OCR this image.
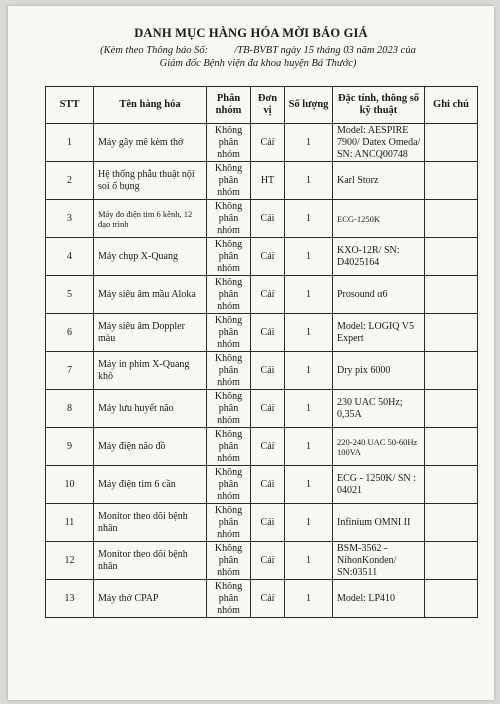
DANH MỤC HÀNG HÓA MỜI BÁO GIÁ
(Kèm theo Thông báo Số:          /TB-BVBT ngày 15 tháng 03 năm 2023 của
Giám đốc Bệnh viện đa khoa huyện Bá Thước)
STT	Tên hàng hóa	Phân nhóm	Đơn vị	Số lượng	Đặc tính, thông số kỹ thuật	Ghi chú
1	Máy gây mê kèm thở	Không phân nhóm	Cái	1	Model: AESPIRE 7900/ Datex Omeda/ SN: ANCQ00748	
2	Hệ thống phẫu thuật nội soi ổ bụng	Không phân nhóm	HT	1	Karl Storz	
3	Máy đo điện tim 6 kênh, 12 đạo trình	Không phân nhóm	Cái	1	ECG-1250K	
4	Máy chụp X-Quang	Không phân nhóm	Cái	1	KXO-12R/ SN: D4025164	
5	Máy siêu âm mầu Aloka	Không phân nhóm	Cái	1	Prosound α6	
6	Máy siêu âm Doppler màu	Không phân nhóm	Cái	1	Model: LOGIQ V5 Expert	
7	Máy in phim X-Quang khô	Không phân nhóm	Cái	1	Dry pix 6000	
8	Máy lưu huyết não	Không phân nhóm	Cái	1	230 UAC 50Hz; 0,35A	
9	Máy điện não đồ	Không phân nhóm	Cái	1	220-240 UAC 50-60Hz 100VA	
10	Máy điện tim 6 cần	Không phân nhóm	Cái	1	ECG - 1250K/ SN : 04021	
11	Monitor theo dõi bệnh nhân	Không phân nhóm	Cái	1	Infinium OMNI II	
12	Monitor theo dõi bệnh nhân	Không phân nhóm	Cái	1	BSM-3562 - NihonKonden/ SN:03511	
13	Máy thở CPAP	Không phân nhóm	Cái	1	Model: LP410	
